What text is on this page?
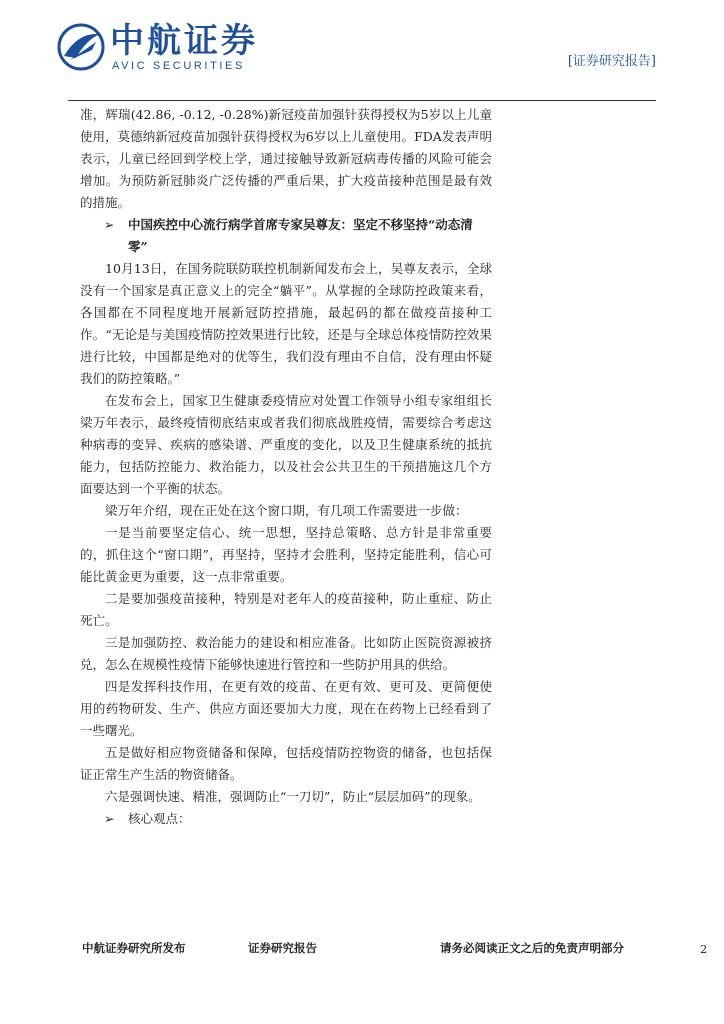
中航证券
AVIC SECURITIES	[证券研究报告]

准，辉瑞(42.86, -0.12, -0.28%)新冠疫苗加强针获得授权为5岁以上儿童使用，莫德纳新冠疫苗加强针获得授权为6岁以上儿童使用。FDA发表声明表示，儿童已经回到学校上学，通过接触导致新冠病毒传播的风险可能会增加。为预防新冠肺炎广泛传播的严重后果，扩大疫苗接种范围是最有效的措施。

➢ 中国疾控中心流行病学首席专家吴尊友：坚定不移坚持“动态清零”

10月13日，在国务院联防联控机制新闻发布会上，吴尊友表示，全球没有一个国家是真正意义上的完全“躺平”。从掌握的全球防控政策来看，各国都在不同程度地开展新冠防控措施，最起码的都在做疫苗接种工作。“无论是与美国疫情防控效果进行比较，还是与全球总体疫情防控效果进行比较，中国都是绝对的优等生，我们没有理由不自信，没有理由怀疑我们的防控策略。”

在发布会上，国家卫生健康委疫情应对处置工作领导小组专家组组长梁万年表示，最终疫情彻底结束或者我们彻底战胜疫情，需要综合考虑这种病毒的变异、疾病的感染谱、严重度的变化，以及卫生健康系统的抵抗能力，包括防控能力、救治能力，以及社会公共卫生的干预措施这几个方面要达到一个平衡的状态。

梁万年介绍，现在正处在这个窗口期，有几项工作需要进一步做：

一是当前要坚定信心、统一思想，坚持总策略、总方针是非常重要的，抓住这个“窗口期”，再坚持，坚持才会胜利，坚持定能胜利，信心可能比黄金更为重要，这一点非常重要。

二是要加强疫苗接种，特别是对老年人的疫苗接种，防止重症、防止死亡。

三是加强防控、救治能力的建设和相应准备。比如防止医院资源被挤兑，怎么在规模性疫情下能够快速进行管控和一些防护用具的供给。

四是发挥科技作用，在更有效的疫苗、在更有效、更可及、更简便使用的药物研发、生产、供应方面还要加大力度，现在在药物上已经看到了一些曙光。

五是做好相应物资储备和保障，包括疫情防控物资的储备，也包括保证正常生产生活的物资储备。

六是强调快速、精准，强调防止“一刀切”，防止“层层加码”的现象。

➢ 核心观点：

中航证券研究所发布	证券研究报告	请务必阅读正文之后的免责声明部分	2
